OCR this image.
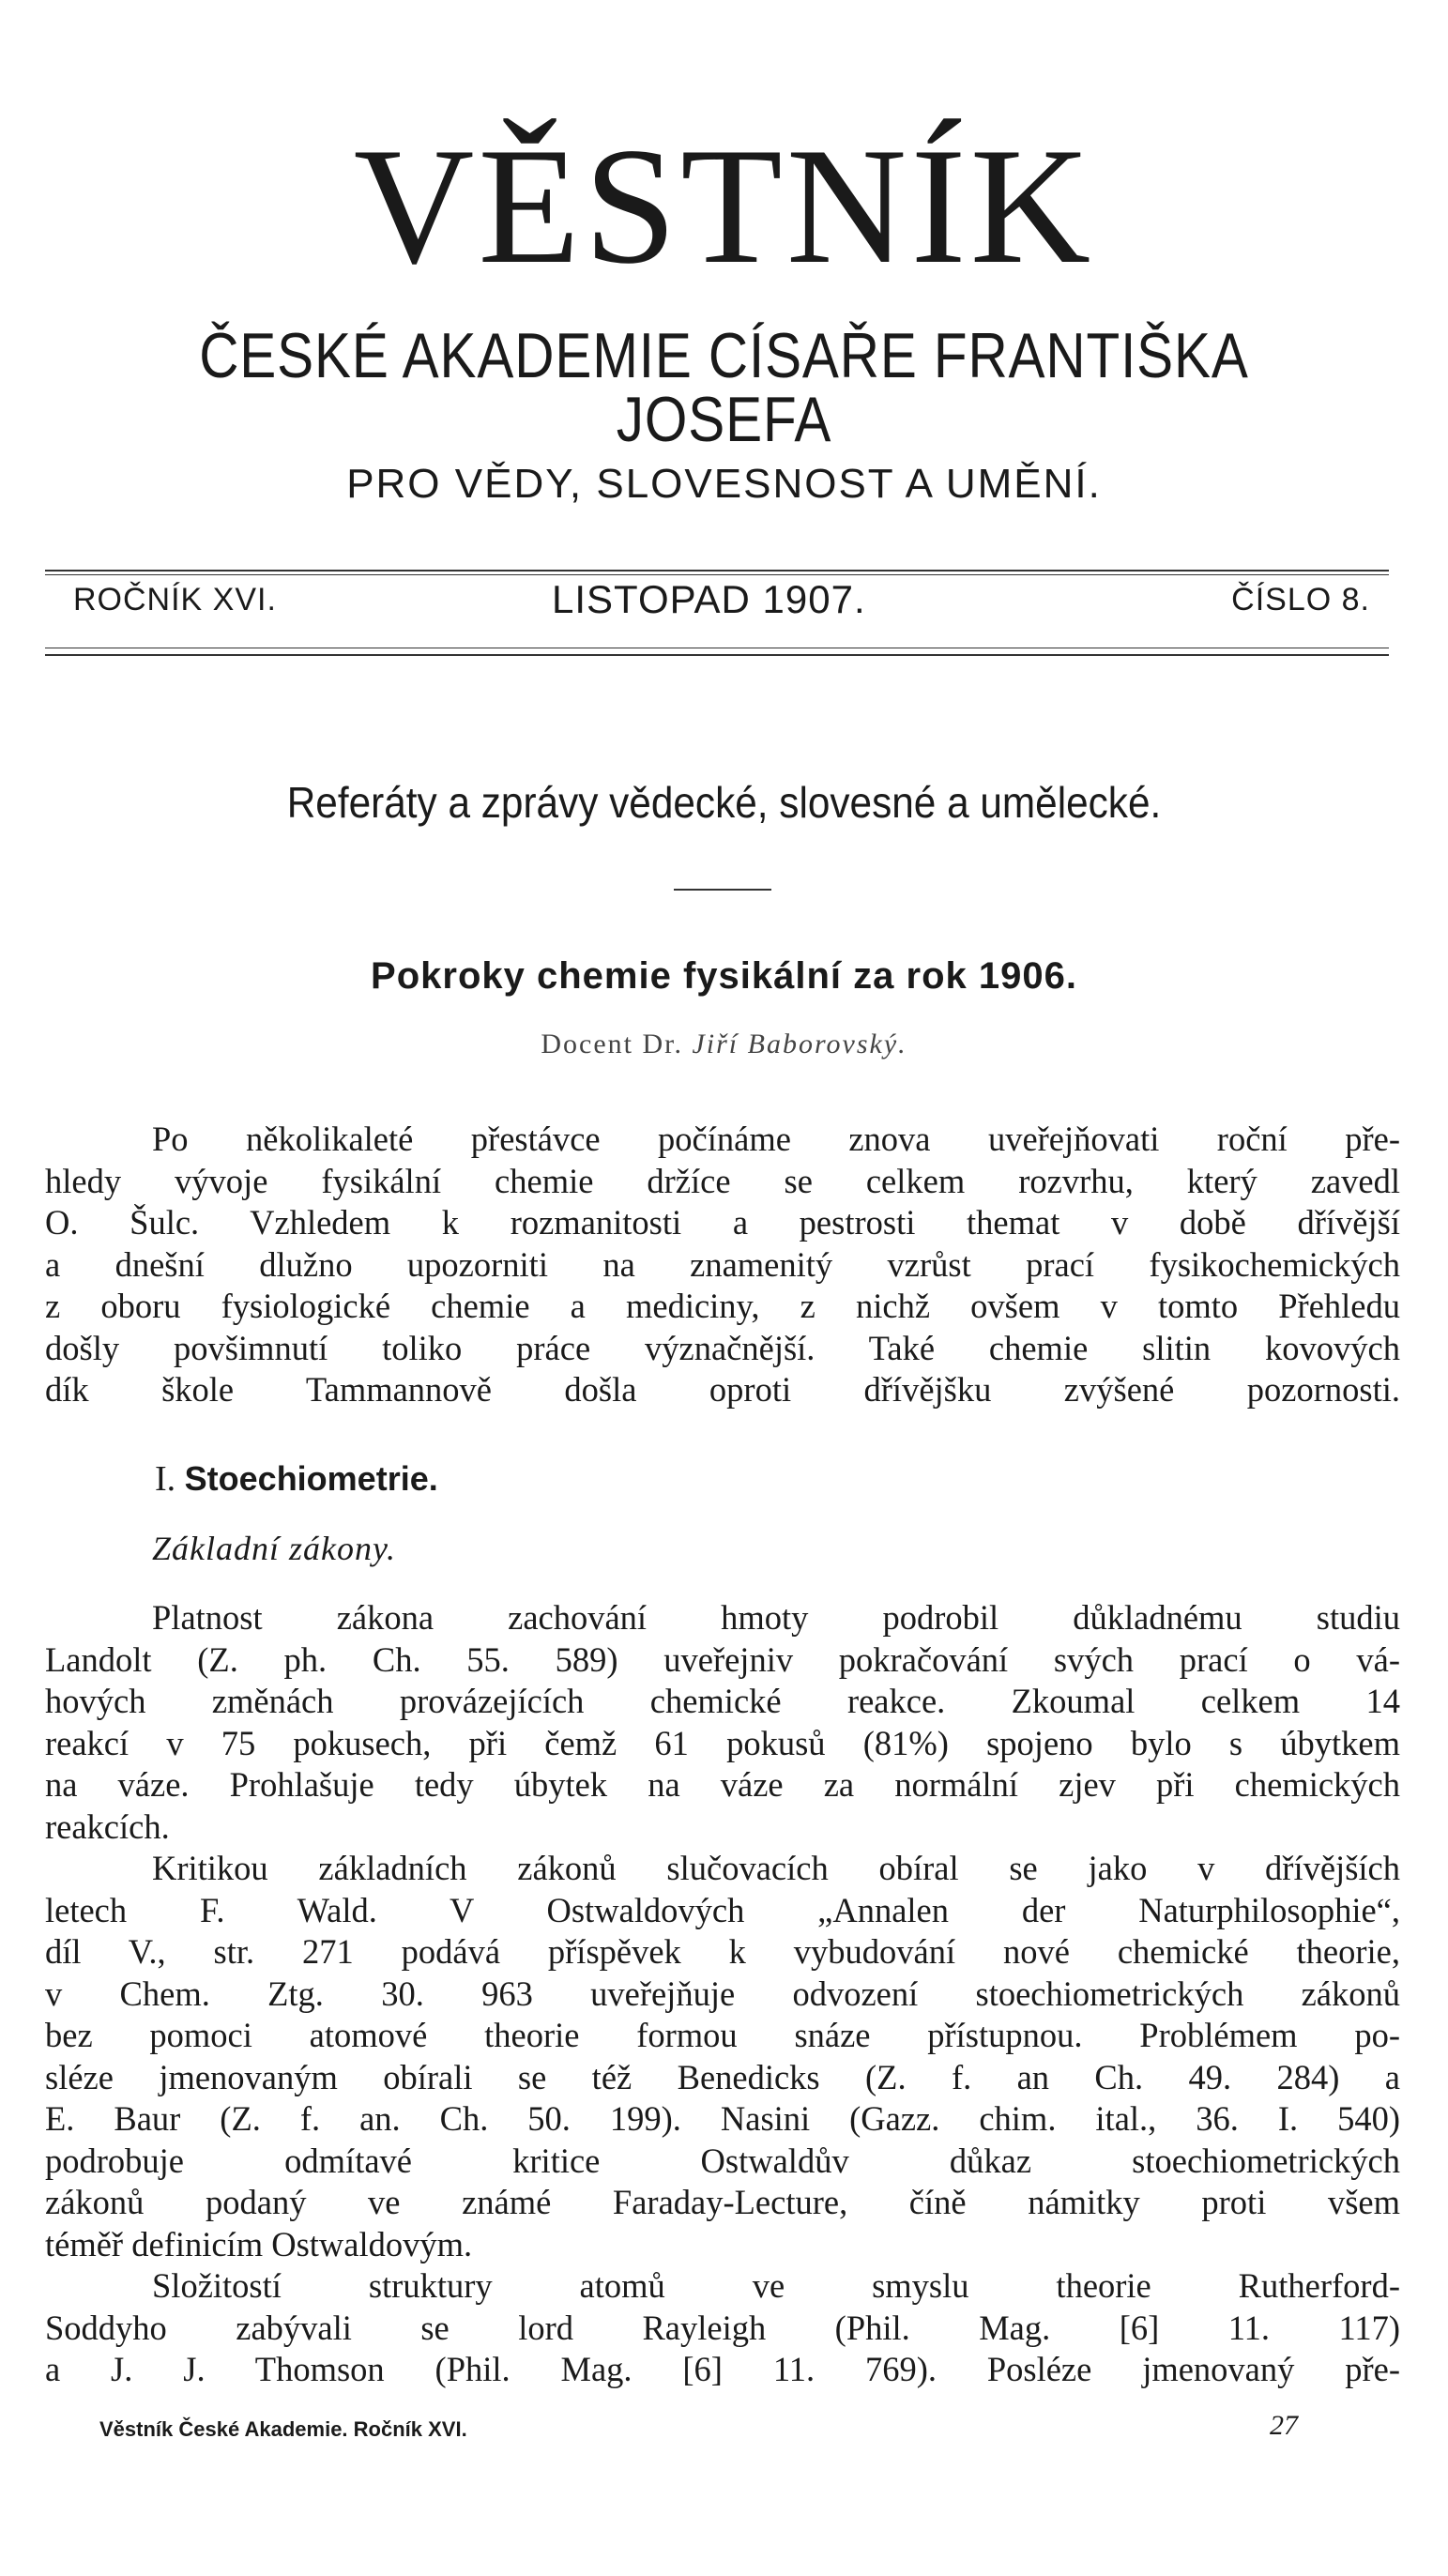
VĚSTNÍK
ČESKÉ AKADEMIE CÍSAŘE FRANTIŠKA JOSEFA
PRO VĚDY, SLOVESNOST A UMĚNÍ.
ROČNÍK XVI.	LISTOPAD 1907.	ČÍSLO 8.
Referáty a zprávy vědecké, slovesné a umělecké.
Pokroky chemie fysikální za rok 1906.
Docent Dr. Jiří Baborovský.
Po několikaleté přestávce počínáme znova uveřejňovati roční pře-
hledy vývoje fysikální chemie držíce se celkem rozvrhu, který zavedl
O. Šulc. Vzhledem k rozmanitosti a pestrosti themat v době dřívější
a dnešní dlužno upozorniti na znamenitý vzrůst prací fysikochemických
z oboru fysiologické chemie a mediciny, z nichž ovšem v tomto Přehledu
došly povšimnutí toliko práce význačnější. Také chemie slitin kovových
dík škole Tammannově došla oproti dřívějšku zvýšené pozornosti.
I. Stoechiometrie.
Základní zákony.
Platnost zákona zachování hmoty podrobil důkladnému studiu
Landolt (Z. ph. Ch. 55. 589) uveřejniv pokračování svých prací o vá-
hových změnách provázejících chemické reakce. Zkoumal celkem 14
reakcí v 75 pokusech, při čemž 61 pokusů (81%) spojeno bylo s úbytkem
na váze. Prohlašuje tedy úbytek na váze za normální zjev při chemických
reakcích.
Kritikou základních zákonů slučovacích obíral se jako v dřívějších
letech F. Wald. V Ostwaldových „Annalen der Naturphilosophie“,
díl V., str. 271 podává příspěvek k vybudování nové chemické theorie,
v Chem. Ztg. 30. 963 uveřejňuje odvození stoechiometrických zákonů
bez pomoci atomové theorie formou snáze přístupnou. Problémem po-
sléze jmenovaným obírali se též Benedicks (Z. f. an Ch. 49. 284) a
E. Baur (Z. f. an. Ch. 50. 199). Nasini (Gazz. chim. ital., 36. I. 540)
podrobuje odmítavé kritice Ostwaldův důkaz stoechiometrických
zákonů podaný ve známé Faraday-Lecture, číně námitky proti všem
téměř definicím Ostwaldovým.
Složitostí struktury atomů ve smyslu theorie Rutherford-
Soddyho zabývali se lord Rayleigh (Phil. Mag. [6] 11. 117)
a J. J. Thomson (Phil. Mag. [6] 11. 769). Posléze jmenovaný pře-
Věstník České Akademie. Ročník XVI.	27
